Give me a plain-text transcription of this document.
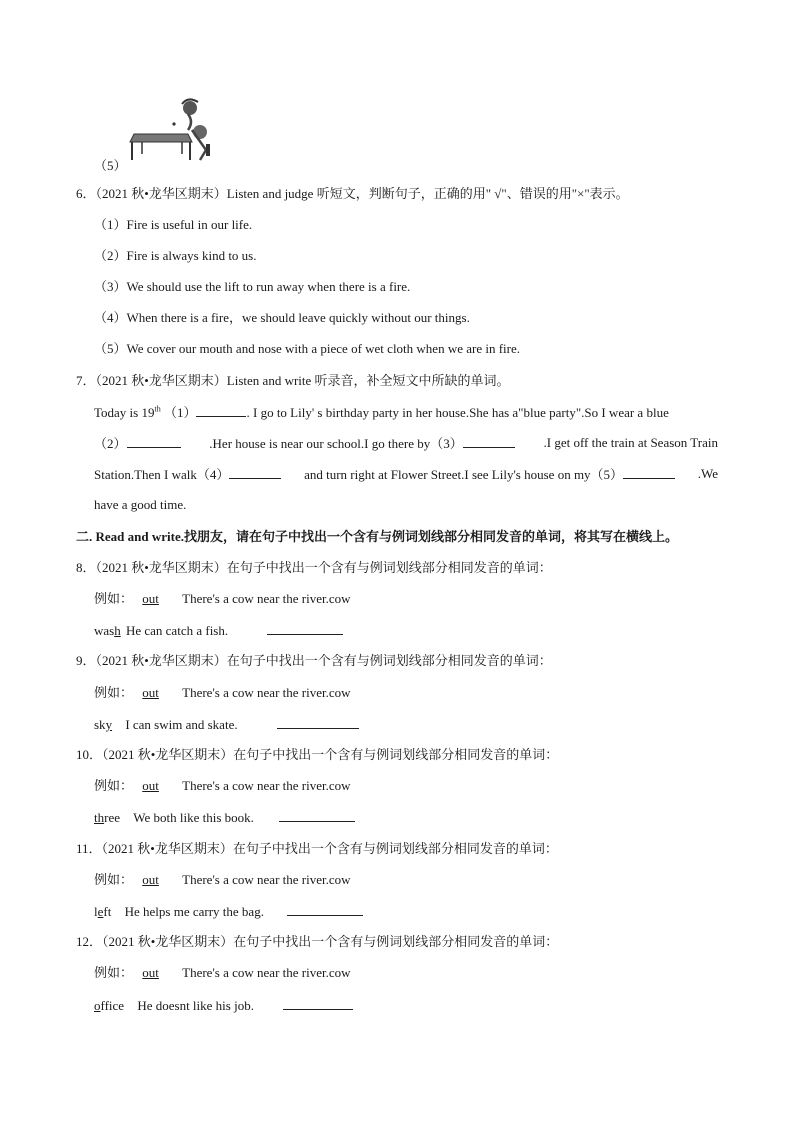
（5）
6．（2021 秋•龙华区期末）Listen and judge 听短文，判断句子，正确的用" √"、错误的用"×"表示。
（1）Fire is useful in our life.
（2）Fire is always kind to us.
（3）We should use the lift to run away when there is a fire.
（4）When there is a fire，we should leave quickly without our things.
（5）We cover our mouth and nose with a piece of wet cloth when we are in fire.
7．（2021 秋•龙华区期末）Listen and write 听录音，补全短文中所缺的单词。
Today is 19th （1）	. I go to Lily' s birthday party in her house.She has a"blue party".So I wear a blue
（2）	.Her house is near our school.I go there by（3）	.I get off the train at Season Train
Station.Then I walk（4）	and turn right at Flower Street.I see Lily's house on my（5）	.We
have a good time.
二. Read and write.找朋友，请在句子中找出一个含有与例词划线部分相同发音的单词，将其写在横线上。
8．（2021 秋•龙华区期末）在句子中找出一个含有与例词划线部分相同发音的单词：
例如： out There's a cow near the river.cow
wash He can catch a fish.
9．（2021 秋•龙华区期末）在句子中找出一个含有与例词划线部分相同发音的单词：
例如： out There's a cow near the river.cow
sky I can swim and skate.
10．（2021 秋•龙华区期末）在句子中找出一个含有与例词划线部分相同发音的单词：
例如： out There's a cow near the river.cow
three We both like this book.
11．（2021 秋•龙华区期末）在句子中找出一个含有与例词划线部分相同发音的单词：
例如： out There's a cow near the river.cow
left He helps me carry the bag.
12．（2021 秋•龙华区期末）在句子中找出一个含有与例词划线部分相同发音的单词：
例如： out There's a cow near the river.cow
office He doesnt like his job.
